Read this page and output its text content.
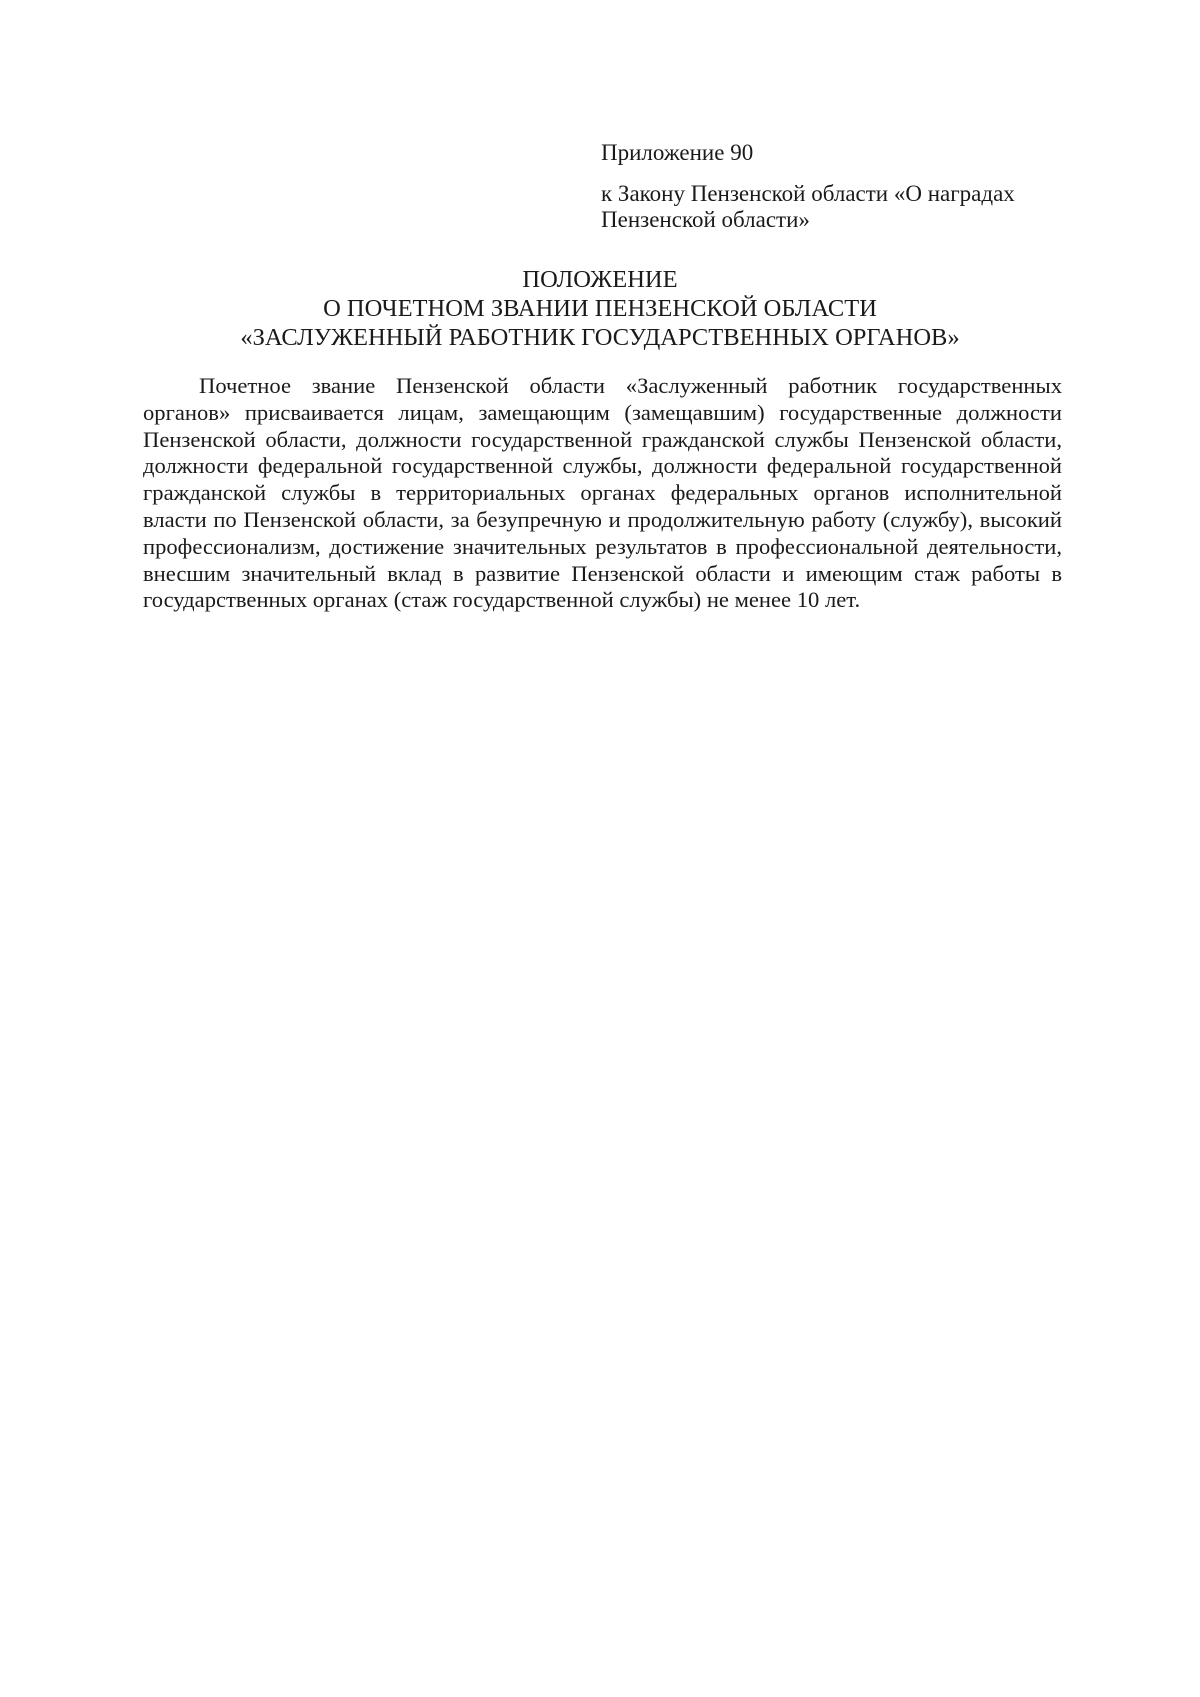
Приложение 90

к Закону Пензенской области «О наградах Пензенской области»

ПОЛОЖЕНИЕ

О ПОЧЕТНОМ ЗВАНИИ ПЕНЗЕНСКОЙ ОБЛАСТИ

«ЗАСЛУЖЕННЫЙ РАБОТНИК ГОСУДАРСТВЕННЫХ ОРГАНОВ»

Почетное звание Пензенской области «Заслуженный работник государственных органов» присваивается лицам, замещающим (замещавшим) государственные должности Пензенской области, должности государственной гражданской службы Пензенской области, должности федеральной государственной службы, должности федеральной государственной гражданской службы в территориальных органах федеральных органов исполнительной власти по Пензенской области, за безупречную и продолжительную работу (службу), высокий профессионализм, достижение значительных результатов в профессиональной деятельности, внесшим значительный вклад в развитие Пензенской области и имеющим стаж работы в государственных органах (стаж государственной службы) не менее 10 лет.
